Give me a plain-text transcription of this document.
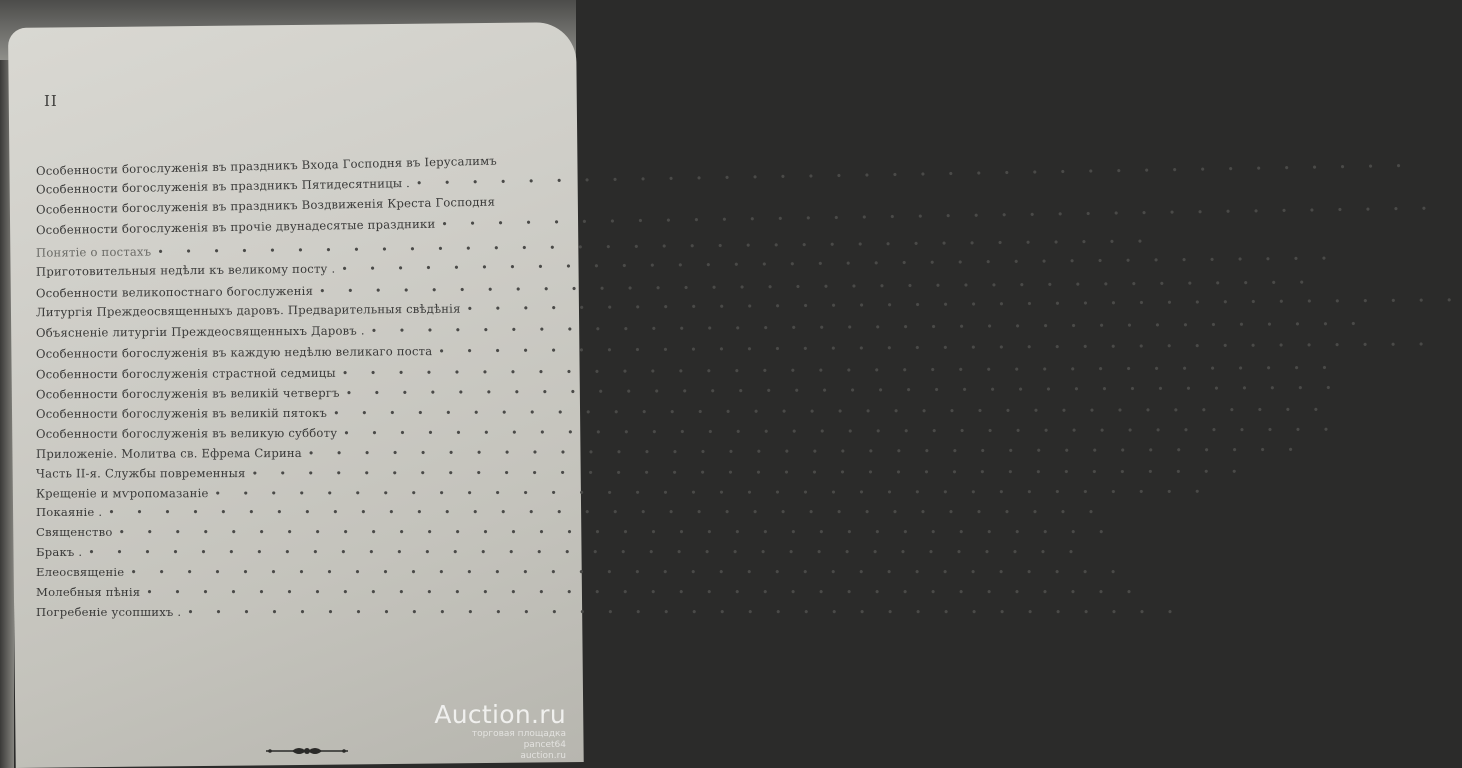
II
Особенности богослуженія въ праздникъ Входа Господня въ Іерусалимъ
Особенности богослуженія въ праздникъ Пятидесятницы . • • • • • • • • • • • • • • • • • • • • • • • • • • • • • • • • • • • •
Особенности богослуженія въ праздникъ Воздвиженія Креста Господня
Особенности богослуженія въ прочіе двунадесятые праздники • • • • • • • • • • • • • • • • • • • • • • • • • • • • • • • • • • • •
Понятіе о постахъ • • • • • • • • • • • • • • • • • • • • • • • • • • • • • • • • • • • •
Приготовительныя недѣли къ великому посту . • • • • • • • • • • • • • • • • • • • • • • • • • • • • • • • • • • • •
Особенности великопостнаго богослуженія • • • • • • • • • • • • • • • • • • • • • • • • • • • • • • • • • • • •
Литургія Преждеосвященныхъ даровъ. Предварительныя свѣдѣнія • • • • • • • • • • • • • • • • • • • • • • • • • • • • • • • • • • • •
Объясненіе литургіи Преждеосвященныхъ Даровъ . • • • • • • • • • • • • • • • • • • • • • • • • • • • • • • • • • • • •
Особенности богослуженія въ каждую недѣлю великаго поста • • • • • • • • • • • • • • • • • • • • • • • • • • • • • • • • • • • •
Особенности богослуженія страстной седмицы • • • • • • • • • • • • • • • • • • • • • • • • • • • • • • • • • • • •
Особенности богослуженія въ великій четвергъ • • • • • • • • • • • • • • • • • • • • • • • • • • • • • • • • • • • •
Особенности богослуженія въ великій пятокъ • • • • • • • • • • • • • • • • • • • • • • • • • • • • • • • • • • • •
Особенности богослуженія въ великую субботу • • • • • • • • • • • • • • • • • • • • • • • • • • • • • • • • • • • •
Приложеніе. Молитва св. Ефрема Сирина • • • • • • • • • • • • • • • • • • • • • • • • • • • • • • • • • • • •
Часть II-я. Службы повременныя • • • • • • • • • • • • • • • • • • • • • • • • • • • • • • • • • • • •
Крещеніе и мѵропомазаніе • • • • • • • • • • • • • • • • • • • • • • • • • • • • • • • • • • • •
Покаяніе . • • • • • • • • • • • • • • • • • • • • • • • • • • • • • • • • • • • •
Священство • • • • • • • • • • • • • • • • • • • • • • • • • • • • • • • • • • • •
Бракъ . • • • • • • • • • • • • • • • • • • • • • • • • • • • • • • • • • • • •
Елеосвященіе • • • • • • • • • • • • • • • • • • • • • • • • • • • • • • • • • • • •
Молебныя пѣнія • • • • • • • • • • • • • • • • • • • • • • • • • • • • • • • • • • • •
Погребеніе усопшихъ . • • • • • • • • • • • • • • • • • • • • • • • • • • • • • • • • • • • •
Auction.ru
торговая площадка
pancet64
auction.ru
